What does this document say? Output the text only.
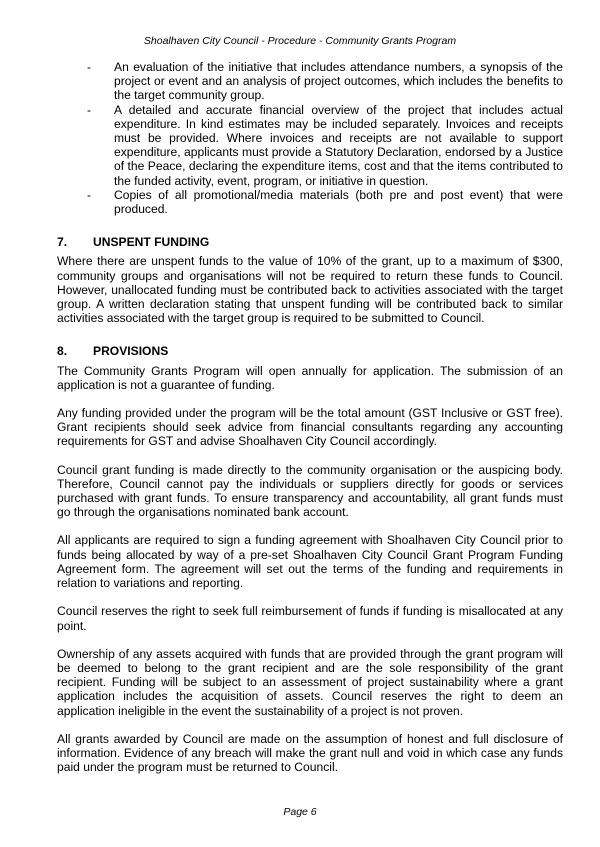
Shoalhaven City Council - Procedure - Community Grants Program
- An evaluation of the initiative that includes attendance numbers, a synopsis of the project or event and an analysis of project outcomes, which includes the benefits to the target community group.
- A detailed and accurate financial overview of the project that includes actual expenditure. In kind estimates may be included separately. Invoices and receipts must be provided. Where invoices and receipts are not available to support expenditure, applicants must provide a Statutory Declaration, endorsed by a Justice of the Peace, declaring the expenditure items, cost and that the items contributed to the funded activity, event, program, or initiative in question.
- Copies of all promotional/media materials (both pre and post event) that were produced.
7.	UNSPENT FUNDING

Where there are unspent funds to the value of 10% of the grant, up to a maximum of $300, community groups and organisations will not be required to return these funds to Council. However, unallocated funding must be contributed back to activities associated with the target group. A written declaration stating that unspent funding will be contributed back to similar activities associated with the target group is required to be submitted to Council.

8.	PROVISIONS

The Community Grants Program will open annually for application. The submission of an application is not a guarantee of funding.

Any funding provided under the program will be the total amount (GST Inclusive or GST free). Grant recipients should seek advice from financial consultants regarding any accounting requirements for GST and advise Shoalhaven City Council accordingly.

Council grant funding is made directly to the community organisation or the auspicing body. Therefore, Council cannot pay the individuals or suppliers directly for goods or services purchased with grant funds. To ensure transparency and accountability, all grant funds must go through the organisations nominated bank account.

All applicants are required to sign a funding agreement with Shoalhaven City Council prior to funds being allocated by way of a pre-set Shoalhaven City Council Grant Program Funding Agreement form. The agreement will set out the terms of the funding and requirements in relation to variations and reporting.

Council reserves the right to seek full reimbursement of funds if funding is misallocated at any point.

Ownership of any assets acquired with funds that are provided through the grant program will be deemed to belong to the grant recipient and are the sole responsibility of the grant recipient. Funding will be subject to an assessment of project sustainability where a grant application includes the acquisition of assets. Council reserves the right to deem an application ineligible in the event the sustainability of a project is not proven.

All grants awarded by Council are made on the assumption of honest and full disclosure of information. Evidence of any breach will make the grant null and void in which case any funds paid under the program must be returned to Council.

Page 6
